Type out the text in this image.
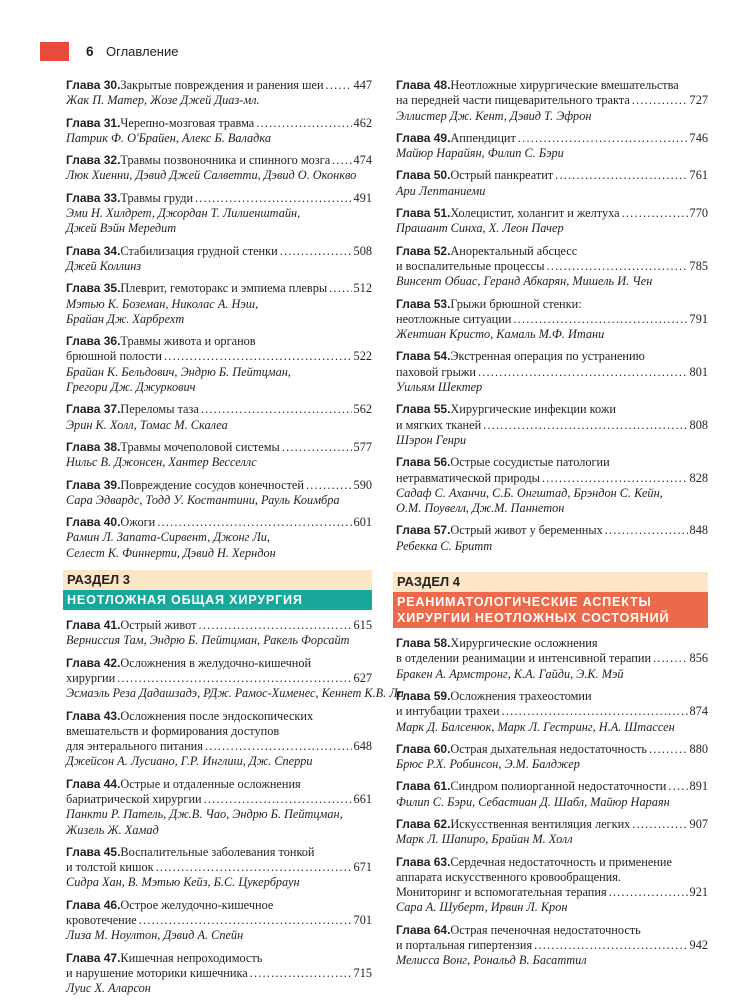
6 Оглавление
Глава 30. Закрытые повреждения и ранения шеи ..... 447
Жак П. Матер, Жозе Джей Диаз-мл.
Глава 31. Черепно-мозговая травма .....	462
Патрик Ф. О'Брайен, Алекс Б. Валадка
Глава 32. Травмы позвоночника и спинного мозга ..... 474
Люк Хиенни, Дэвид Джей Салветти, Дэвид О. Оконкво
Глава 33. Травмы груди .....	491
Эми Н. Хилдрет, Джордан Т. Лилиенштайн,
Джей Вэйн Мередит
Глава 34. Стабилизация грудной стенки .....	508
Джей Коллинз
Глава 35. Плеврит, гемоторакс и эмпиема плевры ..... 512
Мэтью К. Боземан, Николас А. Нэш,
Брайан Дж. Харбрехт
Глава 36. Травмы живота и органов
брюшной полости .....	522
Брайан К. Бельдович, Эндрю Б. Пейтцман,
Грегори Дж. Джуркович
Глава 37. Переломы таза .....	562
Эрин К. Холл, Томас М. Скалеа
Глава 38. Травмы мочеполовой системы .....	577
Нильс В. Джонсен, Хантер Весселлс
Глава 39. Повреждение сосудов конечностей .....	590
Сара Эдвардс, Тодд У. Костантини, Рауль Коимбра
Глава 40. Ожоги .....	601
Рамин Л. Запата-Сирвент, Джонг Ли,
Селест К. Финнерти, Дэвид Н. Херндон
РАЗДЕЛ 3
НЕОТЛОЖНАЯ ОБЩАЯ ХИРУРГИЯ
Глава 41. Острый живот .....	615
Верниссия Там, Эндрю Б. Пейтцман, Ракель Форсайт
Глава 42. Осложнения в желудочно-кишечной
хирургии .....	627
Эсмаэль Реза Дадашзадэ, РДж. Рамос-Хименес, Кеннет К.В. Ли
Глава 43. Осложнения после эндоскопических
вмешательств и формирования доступов
для энтерального питания .....	648
Джейсон А. Лусиано, Г.Р. Инглиш, Дж. Сперри
Глава 44. Острые и отдаленные осложнения
бариатрической хирургии .....	661
Панкти Р. Патель, Дж.В. Чао, Эндрю Б. Пейтцман,
Жизель Ж. Хамад
Глава 45. Воспалительные заболевания тонкой
и толстой кишок .....	671
Сидра Хан, В. Мэтью Кейз, Б.С. Цукербраун
Глава 46. Острое желудочно-кишечное
кровотечение .....	701
Лиза М. Ноултон, Дэвид А. Спейн
Глава 47. Кишечная непроходимость
и нарушение моторики кишечника .....	715
Луис Х. Аларсон
Глава 48. Неотложные хирургические вмешательства
на передней части пищеварительного тракта .....	727
Эллистер Дж. Кент, Дэвид Т. Эфрон
Глава 49. Аппендицит .....	746
Майюр Нарайян, Филип С. Бэри
Глава 50. Острый панкреатит .....	761
Ари Лептаниеми
Глава 51. Холецистит, холангит и желтуха .....	770
Прашант Синха, Х. Леон Пачер
Глава 52. Аноректальный абсцесс
и воспалительные процессы .....	785
Винсент Обиас, Геранд Абкарян, Мишель И. Чен
Глава 53. Грыжи брюшной стенки:
неотложные ситуации .....	791
Жентиан Кристо, Камаль М.Ф. Итани
Глава 54. Экстренная операция по устранению
паховой грыжи .....	801
Уильям Шектер
Глава 55. Хирургические инфекции кожи
и мягких тканей .....	808
Шэрон Генри
Глава 56. Острые сосудистые патологии
нетравматической природы .....	828
Садаф С. Аханчи, С.Б. Онгштад, Брэндон С. Кейн,
О.М. Поувелл, Дж.М. Паннетон
Глава 57. Острый живот у беременных .....	848
Ребекка С. Бритт
РАЗДЕЛ 4
РЕАНИМАТОЛОГИЧЕСКИЕ АСПЕКТЫ
ХИРУРГИИ НЕОТЛОЖНЫХ СОСТОЯНИЙ
Глава 58. Хирургические осложнения
в отделении реанимации и интенсивной терапии .....	856
Бракен А. Армстронг, К.А. Гайди, Э.К. Мэй
Глава 59. Осложнения трахеостомии
и интубации трахеи .....	874
Марк Д. Балсенюк, Марк Л. Гестринг, Н.А. Штассен
Глава 60. Острая дыхательная недостаточность .....	880
Брюс Р.Х. Робинсон, Э.М. Балджер
Глава 61. Синдром полиорганной недостаточности ..... 891
Филип С. Бэри, Себастиан Д. Шабл, Майюр Нараян
Глава 62. Искусственная вентиляция легких .....	907
Марк Л. Шапиро, Брайан М. Холл
Глава 63. Сердечная недостаточность и применение
аппарата искусственного кровообращения.
Мониторинг и вспомогательная терапия .....	921
Сара А. Шуберт, Ирвин Л. Крон
Глава 64. Острая печеночная недостаточность
и портальная гипертензия .....	942
Мелисса Вонг, Рональд В. Басаттил
